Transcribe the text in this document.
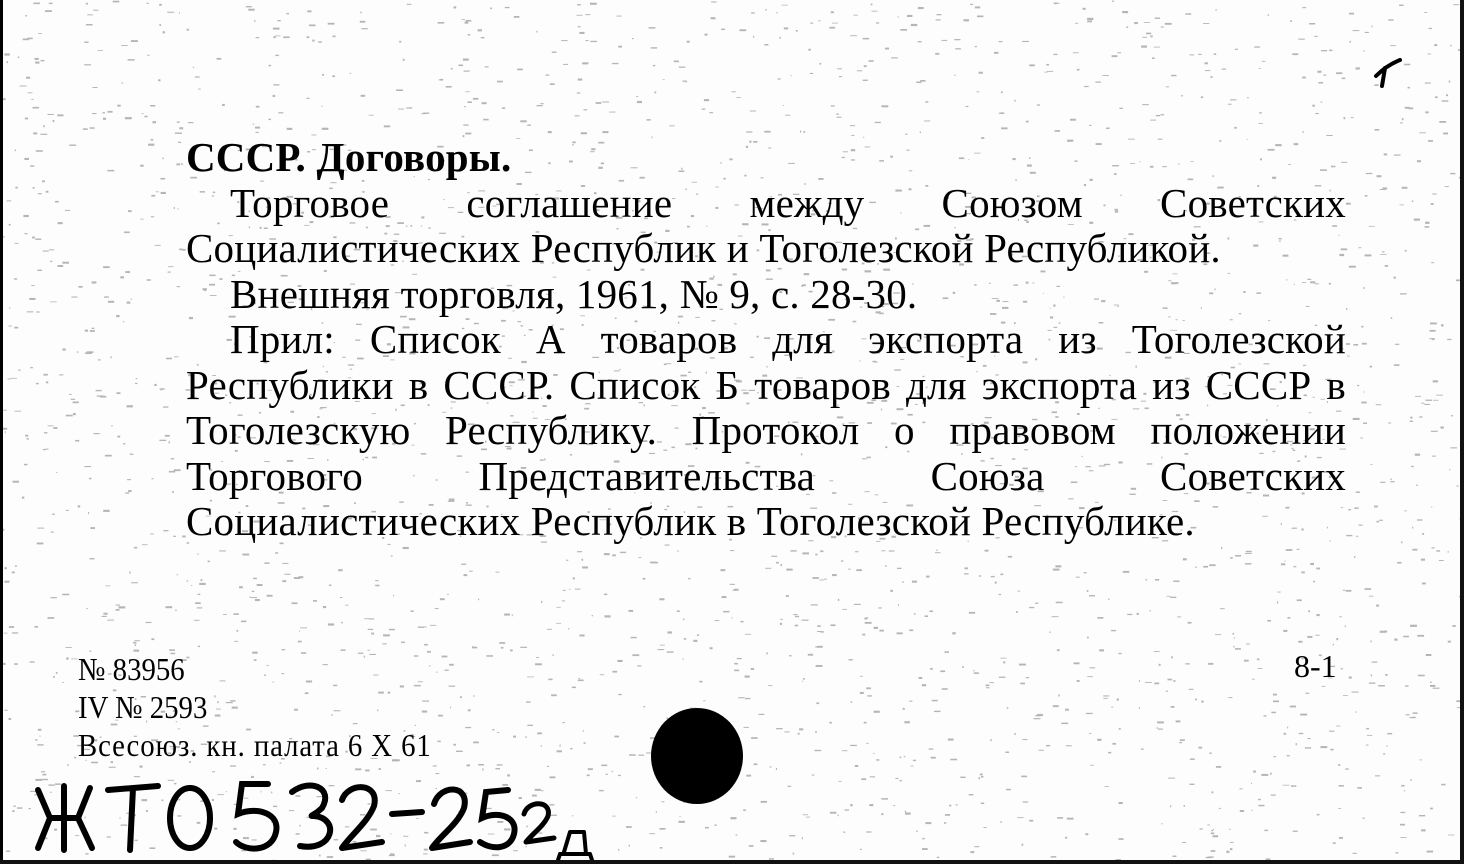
СССР. Договоры.
Торговое соглашение между Союзом Советских Социалистических Республик и Тоголезской Республикой.
Внешняя торговля, 1961, № 9, с. 28-30.
Прил: Список А товаров для экспорта из Тоголезской Республики в СССР. Список Б товаров для экспорта из СССР в Тоголезскую Республику. Протокол о правовом положении Торгового Представительства Союза Советских Социалистических Республик в Тоголезской Республике.
№ 83956
IV № 2593
Всесоюз. кн. палата 6 X 61
8-1
